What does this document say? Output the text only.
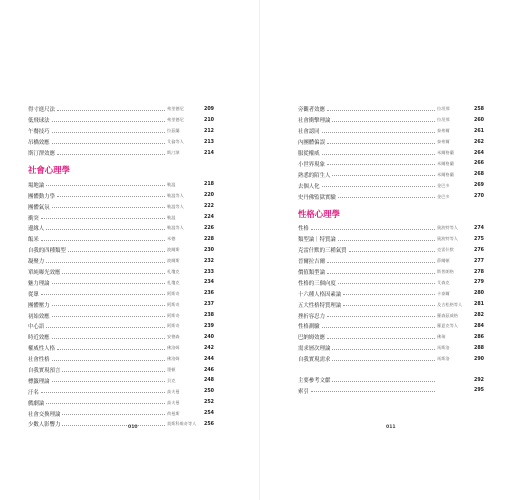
得寸進尺法	弗里德尼	209
低飛球法	弗里德尼	210
午餐技巧	拉茲蘭	212
吊橋效應	艾倫等人	213
斯汀澤效應	斯汀澤	214
社會心理學
場地論	勒溫	218
團體動力學	勒溫等人	220
團體氣氛	勒溫等人	222
衝突	勒溫	224
邊緣人	勒溫等人	226
飯米	米德	228
自我的四種類型	波爾斯	230
凝聚力	波爾斯	232
單純曝光效應	札瓊克	233
魅力理論	札瓊克	234
從眾	阿斯奇	236
團體壓力	阿斯奇	237
初始效應	阿斯奇	238
中心語	阿斯奇	239
時近效應	安德森	240
權威性人格	佛洛姆	242
社會性格	佛洛姆	244
自我實現預言	墨頓	246
標籤理論	貝克	248
汙名	高夫曼	250
戲劇論	高夫曼	252
社會交換理論	荷曼斯	254
少數人影響力	莫斯科維奇等人	256
010
旁觀者效應	拉坦那	258
社會衝擊理論	拉坦那	260
社會認同	泰弗爾	261
內團體偏誤	泰弗爾	262
服從權威	米爾格蘭	264
小世界現象	米爾格蘭	266
熟悉的陌生人	米爾格蘭	268
去個人化	金巴多	269
史丹佛監獄實驗	金巴多	270
性格心理學
性格	奧波特等人	274
類型論｜特質論	奧波特等人	275
克雷什默的三種氣質	克雷什默	276
晉爾拉吉爾	薛爾頓	277
價值類型論	斯普朗格	278
性格的三個向度	艾森克	279
十六種人格因素論	卡泰爾	280
五大性格特質理論	及古松格等人	281
挫折容忍力	羅森茲威格	282
性格測驗	羅夏克等人	284
巴納姆效應	佛瑞	286
需求層次理論	馬斯洛	288
自我實現需求	馬斯洛	290
主要參考文獻	292
索引	295
011
